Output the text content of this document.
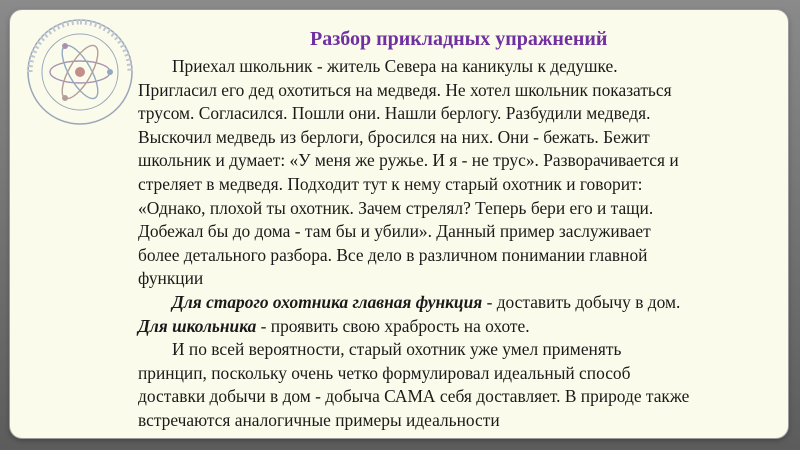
Разбор прикладных упражнений
Приехал школьник - житель Севера на каникулы к дедушке.
Пригласил его дед охотиться на медведя. Не хотел школьник показаться
трусом. Согласился. Пошли они. Нашли берлогу. Разбудили медведя.
Выскочил медведь из берлоги, бросился на них. Они - бежать. Бежит
школьник и думает: «У меня же ружье. И я - не трус». Разворачивается и
стреляет в медведя. Подходит тут к нему старый охотник и говорит:
«Однако, плохой ты охотник. Зачем стрелял? Теперь бери его и тащи.
Добежал бы до дома - там бы и убили». Данный пример заслуживает
более детального разбора. Все дело в различном понимании главной
функции
Для старого охотника главная функция - доставить добычу в дом.
Для школьника - проявить свою храбрость на охоте.
И по всей вероятности, старый охотник уже умел применять
принцип, поскольку очень четко формулировал идеальный способ
доставки добычи в дом - добыча САМА себя доставляет. В природе также
встречаются аналогичные примеры идеальности
